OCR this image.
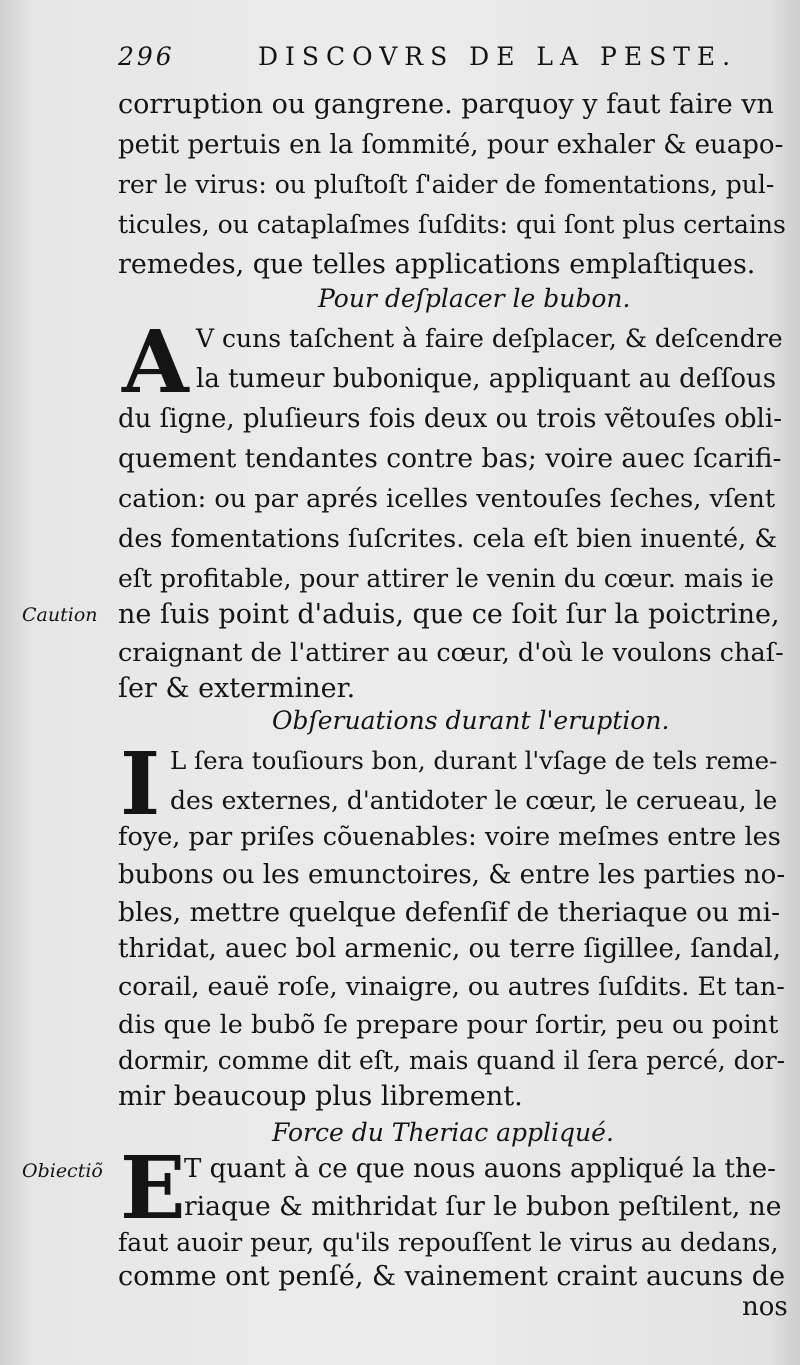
296	DISCOVRS DE LA PESTE.
corruption ou gangrene. parquoy y faut faire vn
petit pertuis en la ſommité, pour exhaler & euapo-
rer le virus: ou pluſtoſt ſ'aider de fomentations, pul-
ticules, ou cataplaſmes ſuſdits: qui ſont plus certains
remedes, que telles applications emplaſtiques.
Pour deſplacer le bubon.
A V cuns taſchent à faire deſplacer, & deſcendre
la tumeur bubonique, appliquant au deſſous
du ſigne, pluſieurs fois deux ou trois vẽtouſes obli-
quement tendantes contre bas; voire auec ſcarifi-
cation: ou par aprés icelles ventouſes ſeches, vſent
des fomentations ſuſcrites. cela eſt bien inuenté, &
eſt profitable, pour attirer le venin du cœur. mais ie
Caution ne ſuis point d'aduis, que ce ſoit ſur la poictrine,
craignant de l'attirer au cœur, d'où le voulons chaſ-
ſer & exterminer.
Obſeruations durant l'eruption.
I L ſera touſiours bon, durant l'vſage de tels reme-
des externes, d'antidoter le cœur, le cerueau, le
foye, par priſes cõuenables: voire meſmes entre les
bubons ou les emunctoires, & entre les parties no-
bles, mettre quelque defenſif de theriaque ou mi-
thridat, auec bol armenic, ou terre ſigillee, ſandal,
corail, eauë roſe, vinaigre, ou autres ſuſdits. Et tan-
dis que le bubõ ſe prepare pour ſortir, peu ou point
dormir, comme dit eſt, mais quand il ſera percé, dor-
mir beaucoup plus librement.
Force du Theriac appliqué.
Obiectiõ E
T quant à ce que nous auons appliqué la the-
riaque & mithridat ſur le bubon peſtilent, ne
faut auoir peur, qu'ils repouſſent le virus au dedans,
comme ont penſé, & vainement craint aucuns de
nos
